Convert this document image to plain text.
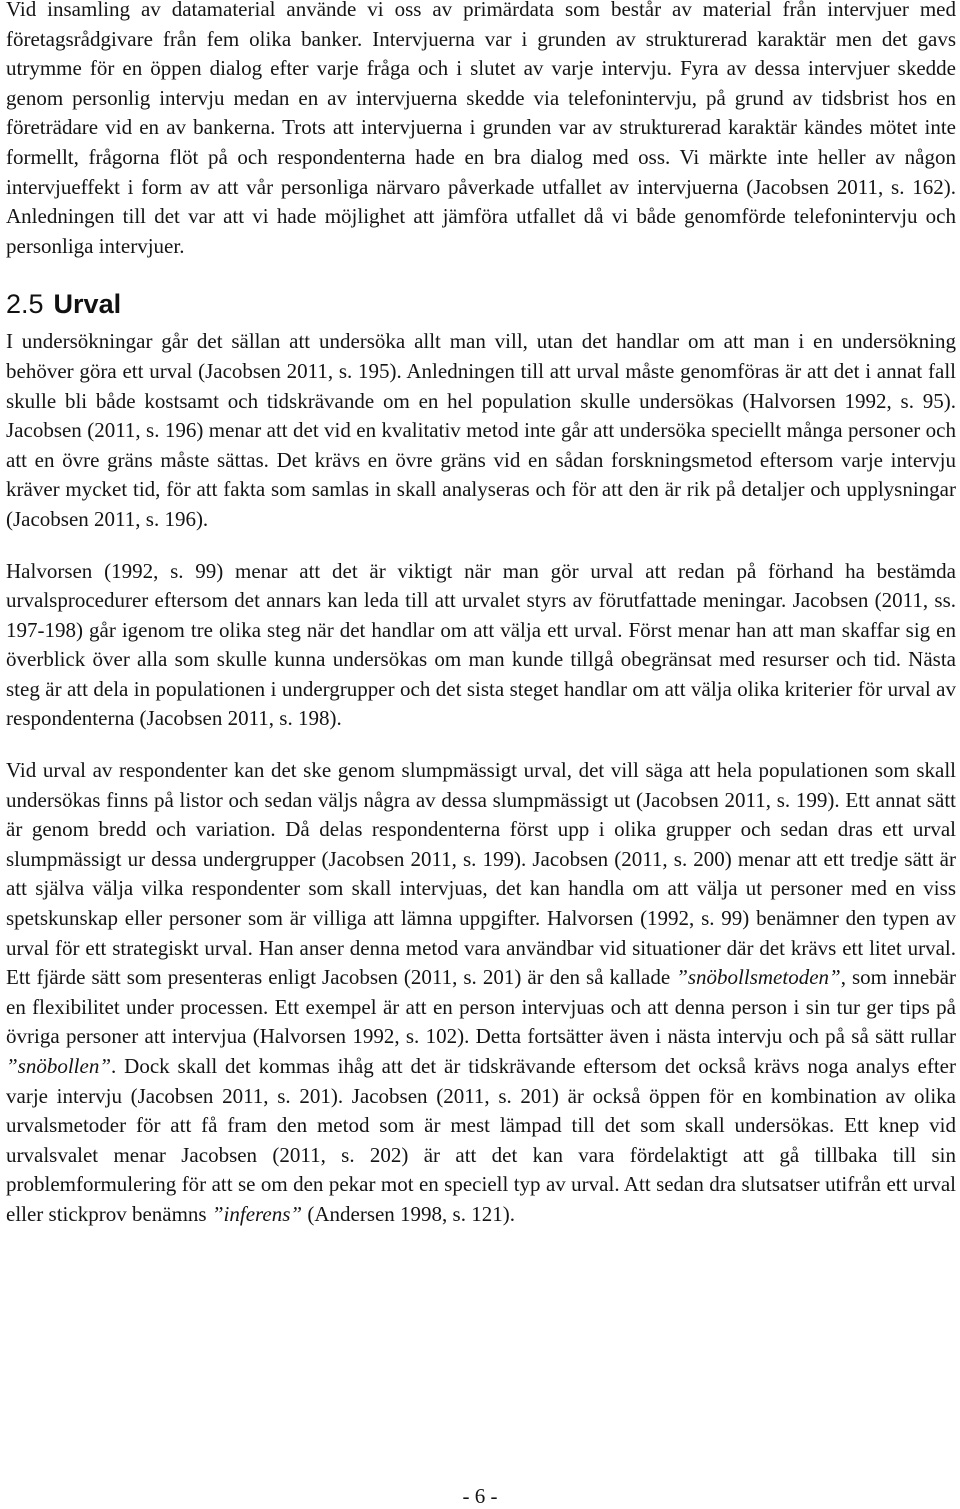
Vid insamling av datamaterial använde vi oss av primärdata som består av material från intervjuer med företagsrådgivare från fem olika banker. Intervjuerna var i grunden av strukturerad karaktär men det gavs utrymme för en öppen dialog efter varje fråga och i slutet av varje intervju. Fyra av dessa intervjuer skedde genom personlig intervju medan en av intervjuerna skedde via telefonintervju, på grund av tidsbrist hos en företrädare vid en av bankerna. Trots att intervjuerna i grunden var av strukturerad karaktär kändes mötet inte formellt, frågorna flöt på och respondenterna hade en bra dialog med oss. Vi märkte inte heller av någon intervjueffekt i form av att vår personliga närvaro påverkade utfallet av intervjuerna (Jacobsen 2011, s. 162). Anledningen till det var att vi hade möjlighet att jämföra utfallet då vi både genomförde telefonintervju och personliga intervjuer.

2.5 Urval

I undersökningar går det sällan att undersöka allt man vill, utan det handlar om att man i en undersökning behöver göra ett urval (Jacobsen 2011, s. 195). Anledningen till att urval måste genomföras är att det i annat fall skulle bli både kostsamt och tidskrävande om en hel population skulle undersökas (Halvorsen 1992, s. 95). Jacobsen (2011, s. 196) menar att det vid en kvalitativ metod inte går att undersöka speciellt många personer och att en övre gräns måste sättas. Det krävs en övre gräns vid en sådan forskningsmetod eftersom varje intervju kräver mycket tid, för att fakta som samlas in skall analyseras och för att den är rik på detaljer och upplysningar (Jacobsen 2011, s. 196).

Halvorsen (1992, s. 99) menar att det är viktigt när man gör urval att redan på förhand ha bestämda urvalsprocedurer eftersom det annars kan leda till att urvalet styrs av förutfattade meningar. Jacobsen (2011, ss. 197-198) går igenom tre olika steg när det handlar om att välja ett urval. Först menar han att man skaffar sig en överblick över alla som skulle kunna undersökas om man kunde tillgå obegränsat med resurser och tid. Nästa steg är att dela in populationen i undergrupper och det sista steget handlar om att välja olika kriterier för urval av respondenterna (Jacobsen 2011, s. 198).

Vid urval av respondenter kan det ske genom slumpmässigt urval, det vill säga att hela populationen som skall undersökas finns på listor och sedan väljs några av dessa slumpmässigt ut (Jacobsen 2011, s. 199). Ett annat sätt är genom bredd och variation. Då delas respondenterna först upp i olika grupper och sedan dras ett urval slumpmässigt ur dessa undergrupper (Jacobsen 2011, s. 199). Jacobsen (2011, s. 200) menar att ett tredje sätt är att själva välja vilka respondenter som skall intervjuas, det kan handla om att välja ut personer med en viss spetskunskap eller personer som är villiga att lämna uppgifter. Halvorsen (1992, s. 99) benämner den typen av urval för ett strategiskt urval. Han anser denna metod vara användbar vid situationer där det krävs ett litet urval. Ett fjärde sätt som presenteras enligt Jacobsen (2011, s. 201) är den så kallade ”snöbollsmetoden”, som innebär en flexibilitet under processen. Ett exempel är att en person intervjuas och att denna person i sin tur ger tips på övriga personer att intervjua (Halvorsen 1992, s. 102). Detta fortsätter även i nästa intervju och på så sätt rullar ”snöbollen”. Dock skall det kommas ihåg att det är tidskrävande eftersom det också krävs noga analys efter varje intervju (Jacobsen 2011, s. 201). Jacobsen (2011, s. 201) är också öppen för en kombination av olika urvalsmetoder för att få fram den metod som är mest lämpad till det som skall undersökas. Ett knep vid urvalsvalet menar Jacobsen (2011, s. 202) är att det kan vara fördelaktigt att gå tillbaka till sin problemformulering för att se om den pekar mot en speciell typ av urval. Att sedan dra slutsatser utifrån ett urval eller stickprov benämns ”inferens” (Andersen 1998, s. 121).

- 6 -
